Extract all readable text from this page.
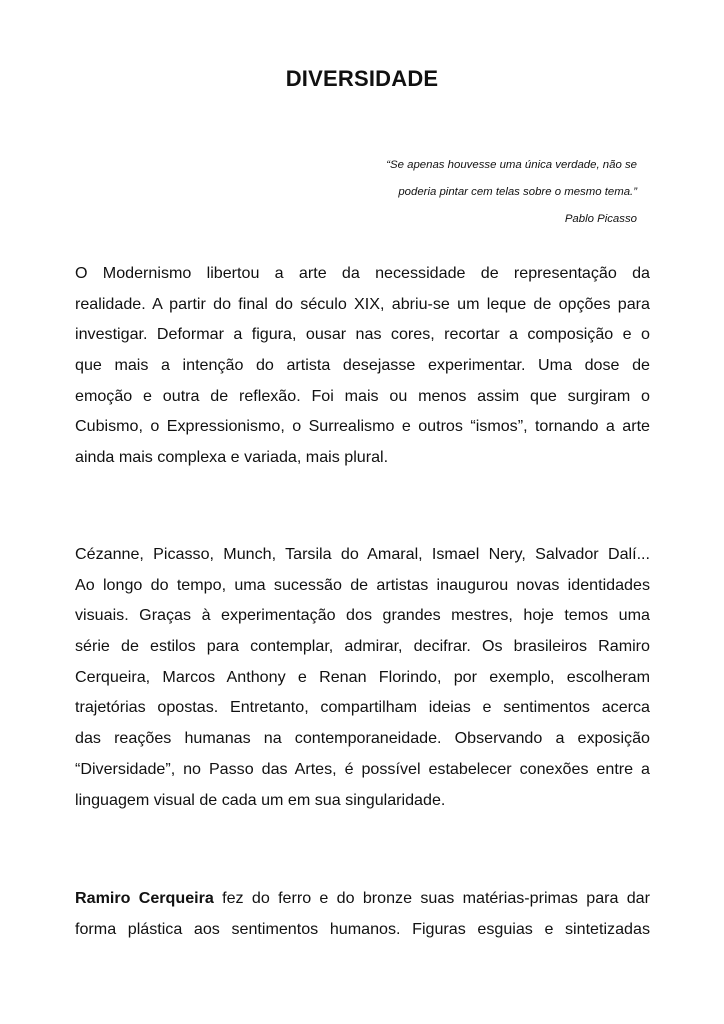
DIVERSIDADE
“Se apenas houvesse uma única verdade, não se
poderia pintar cem telas sobre o mesmo tema.”
Pablo Picasso
O Modernismo libertou a arte da necessidade de representação da
realidade. A partir do final do século XIX, abriu-se um leque de opções para
investigar. Deformar a figura, ousar nas cores, recortar a composição e o
que mais a intenção do artista desejasse experimentar. Uma dose de
emoção e outra de reflexão. Foi mais ou menos assim que surgiram o
Cubismo, o Expressionismo, o Surrealismo e outros “ismos”, tornando a arte
ainda mais complexa e variada, mais plural.
Cézanne, Picasso, Munch, Tarsila do Amaral, Ismael Nery, Salvador Dalí...
Ao longo do tempo, uma sucessão de artistas inaugurou novas identidades
visuais. Graças à experimentação dos grandes mestres, hoje temos uma
série de estilos para contemplar, admirar, decifrar. Os brasileiros Ramiro
Cerqueira, Marcos Anthony e Renan Florindo, por exemplo, escolheram
trajetórias opostas. Entretanto, compartilham ideias e sentimentos acerca
das reações humanas na contemporaneidade. Observando a exposição
“Diversidade”, no Passo das Artes, é possível estabelecer conexões entre a
linguagem visual de cada um em sua singularidade.
Ramiro Cerqueira fez do ferro e do bronze suas matérias-primas para dar
forma plástica aos sentimentos humanos. Figuras esguias e sintetizadas
